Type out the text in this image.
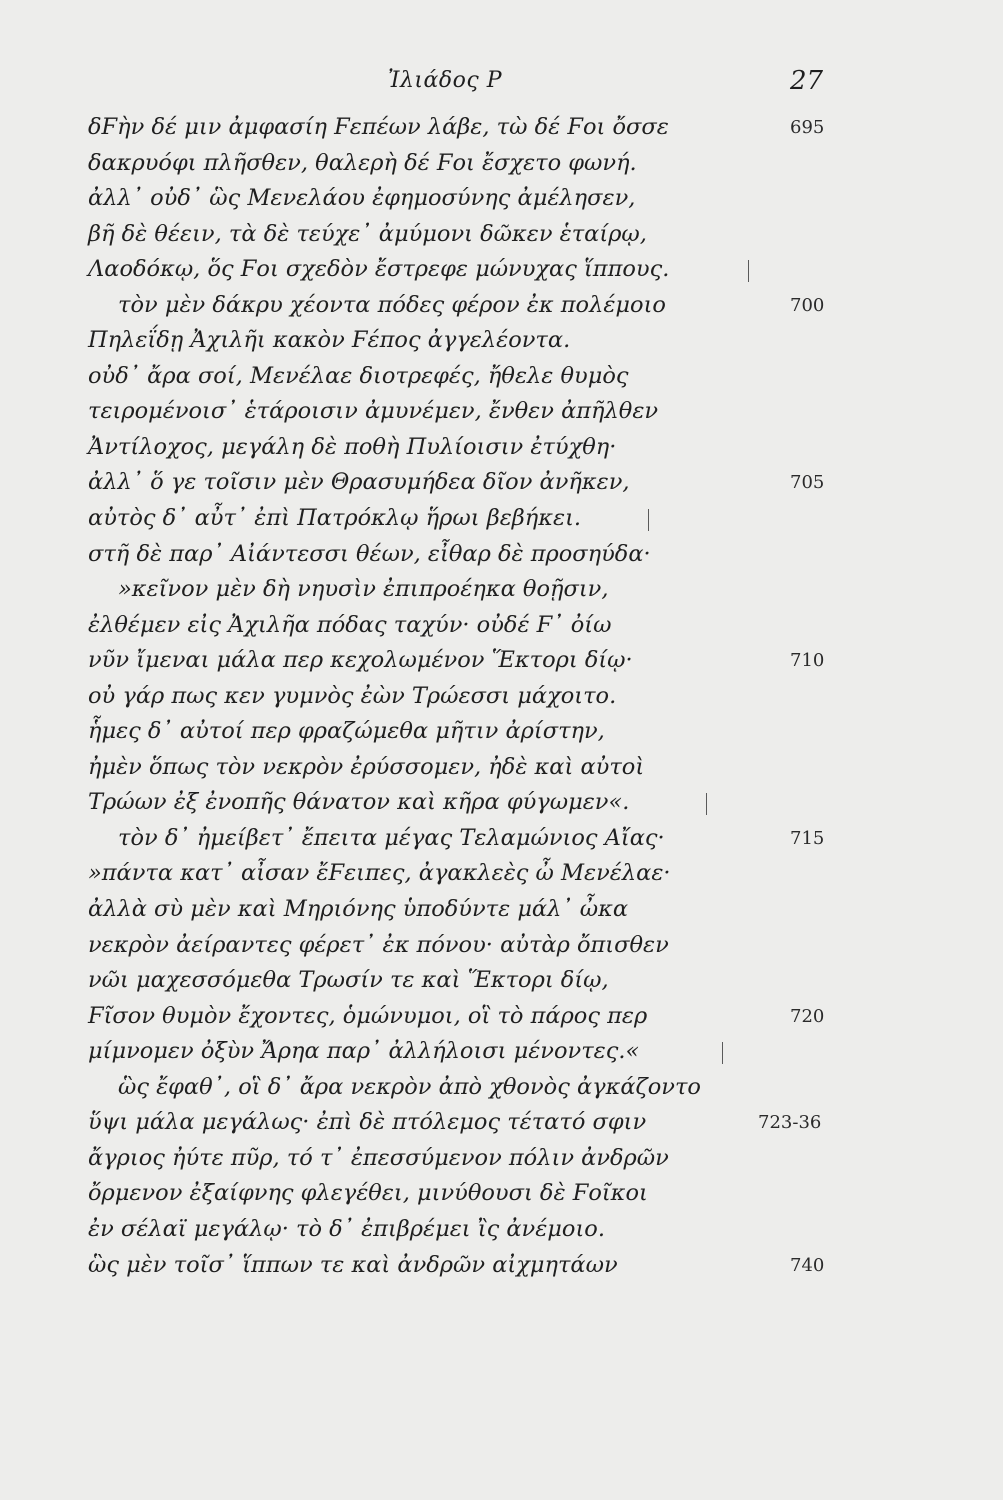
Ἰλιάδος Ρ	27
δϜὴν δέ μιν ἀμφασίη Ϝεπέων λάβε, τὼ δέ Ϝοι ὄσσε	695
δακρυόφι πλῆσθεν, θαλερὴ δέ Ϝοι ἔσχετο φωνή.
ἀλλ᾽ οὐδ᾽ ὣς Μενελάου ἐφημοσύνης ἀμέλησεν,
βῆ δὲ θέειν, τὰ δὲ τεύχε᾽ ἀμύμονι δῶκεν ἑταίρῳ,
Λαοδόκῳ, ὅς Ϝοι σχεδὸν ἔστρεφε μώνυχας ἵππους.
τὸν μὲν δάκρυ χέοντα πόδες φέρον ἐκ πολέμοιο	700
Πηλεΐδῃ Ἀχιλῆι κακὸν Ϝέπος ἀγγελέοντα.
οὐδ᾽ ἄρα σοί, Μενέλαε διοτρεφές, ἤθελε θυμὸς
τειρομένοισ᾽ ἑτάροισιν ἀμυνέμεν, ἔνθεν ἀπῆλθεν
Ἀντίλοχος, μεγάλη δὲ ποθὴ Πυλίοισιν ἐτύχθη·
ἀλλ᾽ ὅ γε τοῖσιν μὲν Θρασυμήδεα δῖον ἀνῆκεν,	705
αὐτὸς δ᾽ αὖτ᾽ ἐπὶ Πατρόκλῳ ἥρωι βεβήκει.
στῆ δὲ παρ᾽ Αἰάντεσσι θέων, εἶθαρ δὲ προσηύδα·
»κεῖνον μὲν δὴ νηυσὶν ἐπιπροέηκα θοῇσιν,
ἐλθέμεν εἰς Ἀχιλῆα πόδας ταχύν· οὐδέ Ϝ᾽ ὀίω
νῦν ἴμεναι μάλα περ κεχολωμένον Ἕκτορι δίῳ·	710
οὐ γάρ πως κεν γυμνὸς ἐὼν Τρώεσσι μάχοιτο.
ἧμες δ᾽ αὐτοί περ φραζώμεθα μῆτιν ἀρίστην,
ἠμὲν ὅπως τὸν νεκρὸν ἐρύσσομεν, ἠδὲ καὶ αὐτοὶ
Τρώων ἐξ ἐνοπῆς θάνατον καὶ κῆρα φύγωμεν«.
τὸν δ᾽ ἠμείβετ᾽ ἔπειτα μέγας Τελαμώνιος Αἴας·	715
»πάντα κατ᾽ αἶσαν ἔϜειπες, ἀγακλεὲς ὦ Μενέλαε·
ἀλλὰ σὺ μὲν καὶ Μηριόνης ὑποδύντε μάλ᾽ ὦκα
νεκρὸν ἀείραντες φέρετ᾽ ἐκ πόνου· αὐτὰρ ὄπισθεν
νῶι μαχεσσόμεθα Τρωσίν τε καὶ Ἕκτορι δίῳ,
Ϝῖσον θυμὸν ἔχοντες, ὁμώνυμοι, οἳ τὸ πάρος περ	720
μίμνομεν ὀξὺν Ἄρηα παρ᾽ ἀλλήλοισι μένοντες.«
ὣς ἔφαθ᾽, οἳ δ᾽ ἄρα νεκρὸν ἀπὸ χθονὸς ἀγκάζοντο
ὕψι μάλα μεγάλως· ἐπὶ δὲ πτόλεμος τέτατό σφιν	723-36
ἄγριος ἠύτε πῦρ, τό τ᾽ ἐπεσσύμενον πόλιν ἀνδρῶν
ὄρμενον ἐξαίφνης φλεγέθει, μινύθουσι δὲ Ϝοῖκοι
ἐν σέλαϊ μεγάλῳ· τὸ δ᾽ ἐπιβρέμει ἲς ἀνέμοιο.
ὣς μὲν τοῖσ᾽ ἵππων τε καὶ ἀνδρῶν αἰχμητάων	740
